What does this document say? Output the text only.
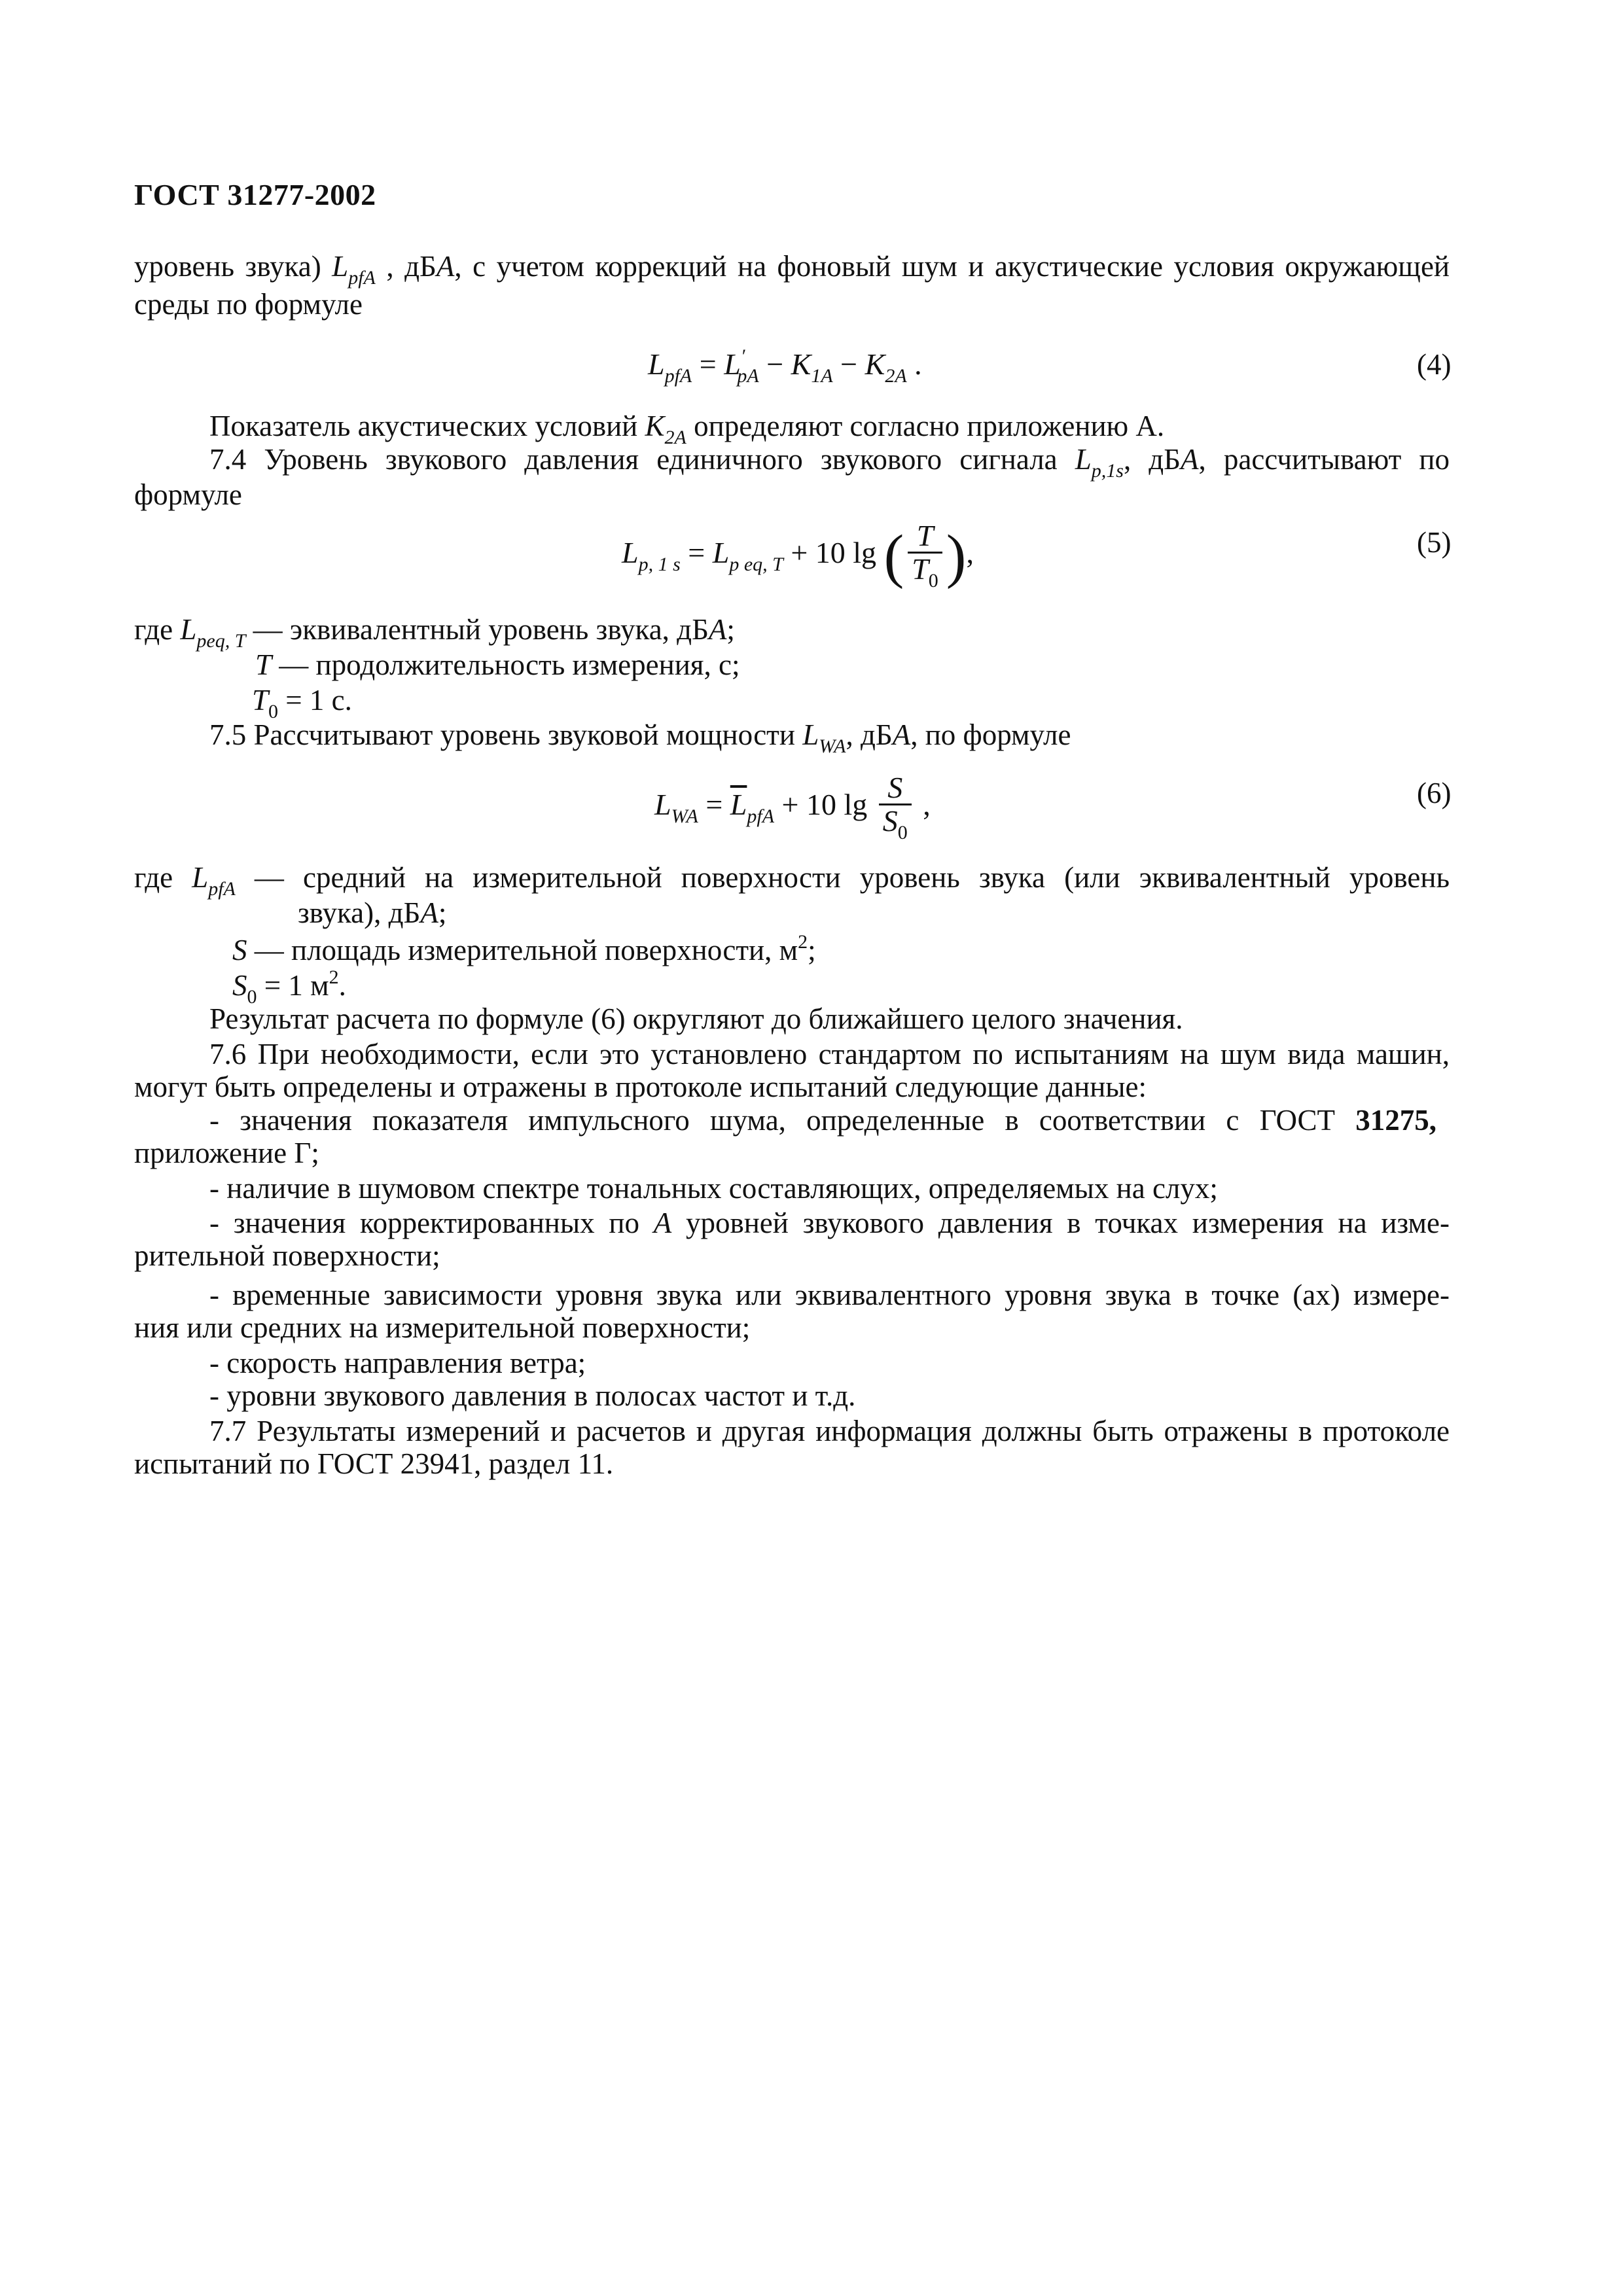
ГОСТ 31277-2002
уровень звука) $L_{pfA}$ , дБA, с учетом коррекций на фоновый шум и акустические условия окружающей
среды по формуле
$L_{pfA} = L'_{pA} - K_{1A} - K_{2A}$ .	(4)
Показатель акустических условий $K_{2A}$ определяют согласно приложению А.
7.4 Уровень звукового давления единичного звукового сигнала $L_{p,1s}$, дБA, рассчитывают по
формуле
$L_{p, 1 s} = L_{p eq, T} + 10$ lg ( $\frac{T}{T_0}$ ),	(5)
где $L_{peq, T}$ — эквивалентный уровень звука, дБA;
T — продолжительность измерения, с;
$T_0 = 1$ с.
7.5 Рассчитывают уровень звуковой мощности $L_{WA}$, дБA, по формуле
$L_{WA} = \overline{L}_{pfA} + 10$ $\lg \frac{S}{S_0}$ ,	(6)
где $L_{pfA}$ — средний на измерительной поверхности уровень звука (или эквивалентный уровень
звука), дБA;
S — площадь измерительной поверхности, $м^2$;
$S_0 = 1$ $м^2$.
Результат расчета по формуле (6) округляют до ближайшего целого значения.
7.6 При необходимости, если это установлено стандартом по испытаниям на шум вида машин,
могут быть определены и отражены в протоколе испытаний следующие данные:
- значения показателя импульсного шума, определенные в соответствии с ГОСТ 31275,
приложение Г;
- наличие в шумовом спектре тональных составляющих, определяемых на слух;
- значения корректированных по A уровней звукового давления в точках измерения на изме-
рительной поверхности;
- временные зависимости уровня звука или эквивалентного уровня звука в точке (ах) измере-
ния или средних на измерительной поверхности;
- скорость направления ветра;
- уровни звукового давления в полосах частот и т.д.
7.7 Результаты измерений и расчетов и другая информация должны быть отражены в протоколе
испытаний по ГОСТ 23941, раздел 11.
